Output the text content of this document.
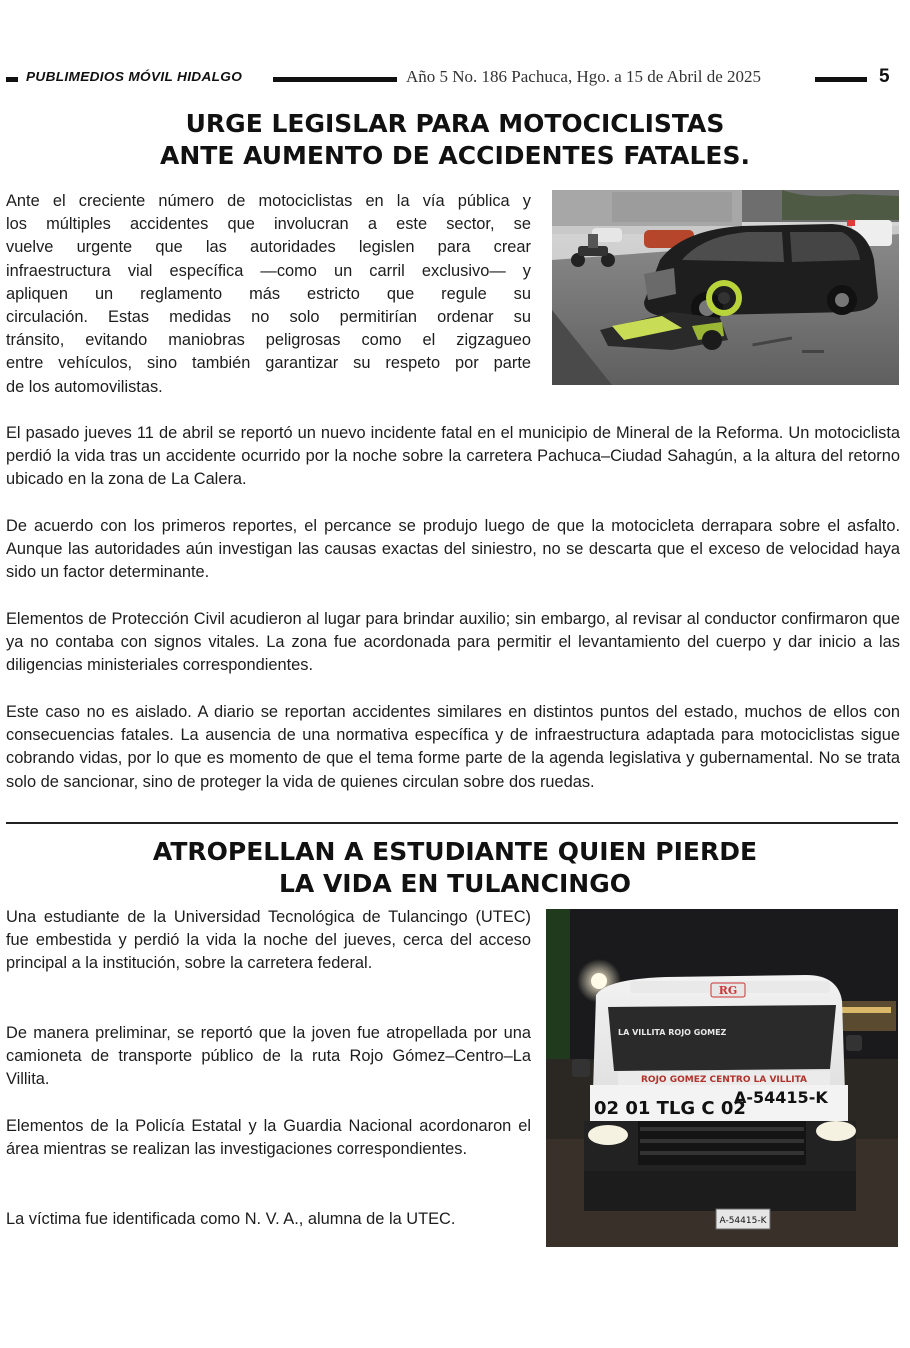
PUBLIMEDIOS MÓVIL HIDALGO	Año 5 No. 186 Pachuca, Hgo. a 15 de Abril de 2025	5
URGE LEGISLAR PARA MOTOCICLISTAS
ANTE AUMENTO DE ACCIDENTES FATALES.
Ante el creciente número de motociclistas en la vía pública y
los múltiples accidentes que involucran a este sector, se
vuelve urgente que las autoridades legislen para crear
infraestructura vial específica —como un carril exclusivo— y
apliquen un reglamento más estricto que regule su
circulación. Estas medidas no solo permitirían ordenar su
tránsito, evitando maniobras peligrosas como el zigzagueo
entre vehículos, sino también garantizar su respeto por parte
de los automovilistas.
El pasado jueves 11 de abril se reportó un nuevo incidente fatal en el municipio de Mineral de la Reforma. Un motociclista perdió la vida tras un accidente ocurrido por la noche sobre la carretera Pachuca–Ciudad Sahagún, a la altura del retorno ubicado en la zona de La Calera.
De acuerdo con los primeros reportes, el percance se produjo luego de que la motocicleta derrapara sobre el asfalto. Aunque las autoridades aún investigan las causas exactas del siniestro, no se descarta que el exceso de velocidad haya sido un factor determinante.
Elementos de Protección Civil acudieron al lugar para brindar auxilio; sin embargo, al revisar al conductor confirmaron que ya no contaba con signos vitales. La zona fue acordonada para permitir el levantamiento del cuerpo y dar inicio a las diligencias ministeriales correspondientes.
Este caso no es aislado. A diario se reportan accidentes similares en distintos puntos del estado, muchos de ellos con consecuencias fatales. La ausencia de una normativa específica y de infraestructura adaptada para motociclistas sigue cobrando vidas, por lo que es momento de que el tema forme parte de la agenda legislativa y gubernamental. No se trata solo de sancionar, sino de proteger la vida de quienes circulan sobre dos ruedas.
ATROPELLAN A ESTUDIANTE QUIEN PIERDE
LA VIDA EN TULANCINGO
Una estudiante de la Universidad Tecnológica de Tulancingo (UTEC) fue embestida y perdió la vida la noche del jueves, cerca del acceso principal a la institución, sobre la carretera federal.
De manera preliminar, se reportó que la joven fue atropellada por una camioneta de transporte público de la ruta Rojo Gómez–Centro–La Villita.
Elementos de la Policía Estatal y la Guardia Nacional acordonaron el área mientras se realizan las investigaciones correspondientes.
La víctima fue identificada como N. V. A., alumna de la UTEC.
RG
LA VILLITA ROJO GOMEZ
ROJO GOMEZ CENTRO LA VILLITA
02 01 TLG C 02
A-54415-K
A-54415-K
